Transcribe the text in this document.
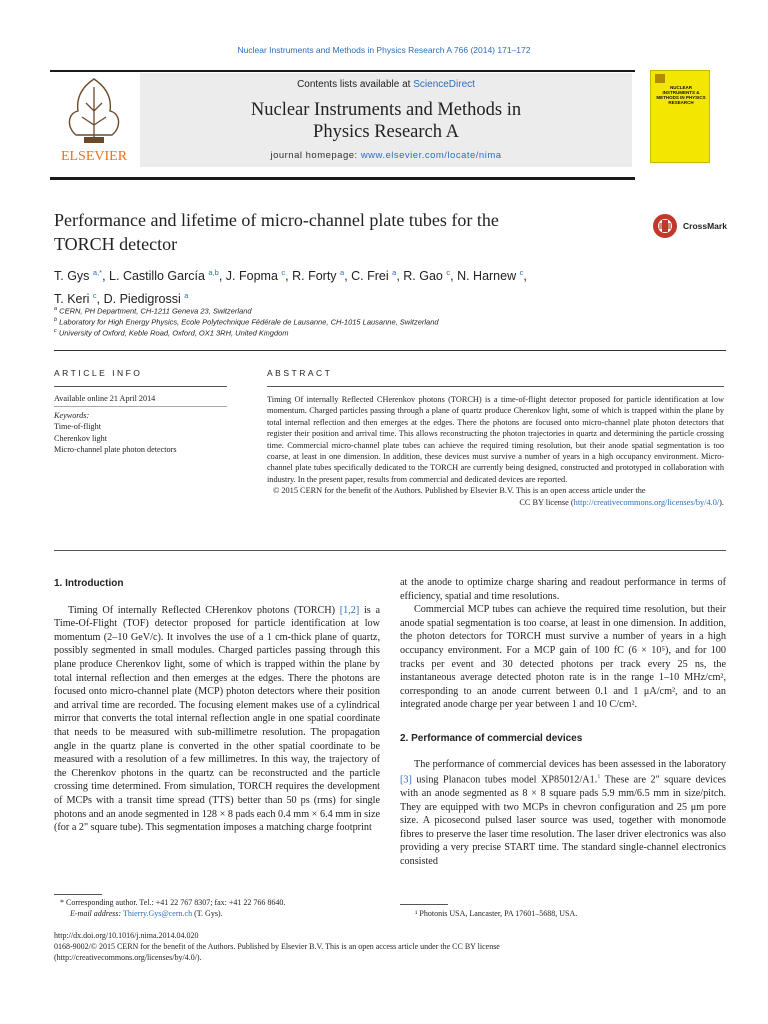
Nuclear Instruments and Methods in Physics Research A 766 (2014) 171–172
ELSEVIER
Contents lists available at ScienceDirect
Nuclear Instruments and Methods in
Physics Research A
journal homepage: www.elsevier.com/locate/nima
NUCLEAR INSTRUMENTS & METHODS IN PHYSICS RESEARCH
Performance and lifetime of micro-channel plate tubes for the
TORCH detector
CrossMark
T. Gys $^{a,*}$, L. Castillo García $^{a,b}$, J. Fopma $^c$, R. Forty $^a$, C. Frei $^a$, R. Gao $^c$, N. Harnew $^c$,
T. Keri $^c$, D. Piedigrossi $^a$
$^a$ CERN, PH Department, CH-1211 Geneva 23, Switzerland
$^b$ Laboratory for High Energy Physics, Ecole Polytechnique Fédérale de Lausanne, CH-1015 Lausanne, Switzerland
$^c$ University of Oxford, Keble Road, Oxford, OX1 3RH, United Kingdom
ARTICLE INFO
Available online 21 April 2014
Keywords:
Time-of-flight
Cherenkov light
Micro-channel plate photon detectors
ABSTRACT

Timing Of internally Reflected CHerenkov photons (TORCH) is a time-of-flight detector proposed for particle identification at low momentum. Charged particles passing through a plane of quartz produce Cherenkov light, some of which is trapped within the plane by total internal reflection and then emerges at the edges. There the photons are focused onto micro-channel plate photon detectors that register their position and arrival time. This allows reconstructing the photon trajectories in quartz and determining the particle crossing time. Commercial micro-channel plate tubes can achieve the required timing resolution, but their anode spatial segmentation is too coarse, at least in one dimension. In addition, these devices must survive a number of years in a high occupancy environment. Micro-channel plate tubes specifically dedicated to the TORCH are currently being designed, constructed and prototyped in collaboration with industry. In the present paper, results from commercial and dedicated devices are reported.

© 2015 CERN for the benefit of the Authors. Published by Elsevier B.V. This is an open access article under the

CC BY license (http://creativecommons.org/licenses/by/4.0/).

1. Introduction

Timing Of internally Reflected CHerenkov photons (TORCH) [1,2] is a Time-Of-Flight (TOF) detector proposed for particle identification at low momentum (2–10 GeV/c). It involves the use of a 1 cm-thick plane of quartz, possibly segmented in small modules. Charged particles passing through this plane produce Cherenkov light, some of which is trapped within the plane by total internal reflection and then emerges at the edges. There the photons are focused onto micro-channel plate (MCP) photon detectors where their position and arrival time are recorded. The focusing element makes use of a cylindrical mirror that converts the total internal reflection angle in one spatial coordinate that needs to be measured with sub-millimetre resolution. The propagation angle in the quartz plane is converted in the other spatial coordinate to be measured with a resolution of a few millimetres. In this way, the trajectory of the Cherenkov photons in the quartz can be reconstructed and the particle crossing time determined. From simulation, TORCH requires the development of MCPs with a transit time spread (TTS) better than 50 ps (rms) for single photons and an anode segmented in 128 × 8 pads each 0.4 mm × 6.4 mm in size (for a 2" square tube). This segmentation imposes a matching charge footprint

at the anode to optimize charge sharing and readout performance in terms of efficiency, spatial and time resolutions.

Commercial MCP tubes can achieve the required time resolution, but their anode spatial segmentation is too coarse, at least in one dimension. In addition, the photon detectors for TORCH must survive a number of years in a high occupancy environment. For a MCP gain of 100 fC (6 × 10⁵), and for 100 tracks per event and 30 detected photons per track every 25 ns, the instantaneous average detected photon rate is in the range 1–10 MHz/cm², corresponding to an anode current between 0.1 and 1 μA/cm², and to an integrated anode charge per year between 1 and 10 C/cm².

2. Performance of commercial devices

The performance of commercial devices has been assessed in the laboratory [3] using Planacon tubes model XP85012/A1.$^1$ These are 2" square devices with an anode segmented as 8 × 8 square pads 5.9 mm/6.5 mm in size/pitch. They are equipped with two MCPs in chevron configuration and 25 μm pore size. A picosecond pulsed laser source was used, together with monomode fibres to preserve the laser time resolution. The laser driver electronics was also providing a very precise START time. The standard single-channel electronics consisted

* Corresponding author. Tel.: +41 22 767 8307; fax: +41 22 766 8640.
E-mail address: Thierry.Gys@cern.ch (T. Gys).	¹ Photonis USA, Lancaster, PA 17601–5688, USA.
http://dx.doi.org/10.1016/j.nima.2014.04.020
0168-9002/© 2015 CERN for the benefit of the Authors. Published by Elsevier B.V. This is an open access article under the CC BY license
(http://creativecommons.org/licenses/by/4.0/).
